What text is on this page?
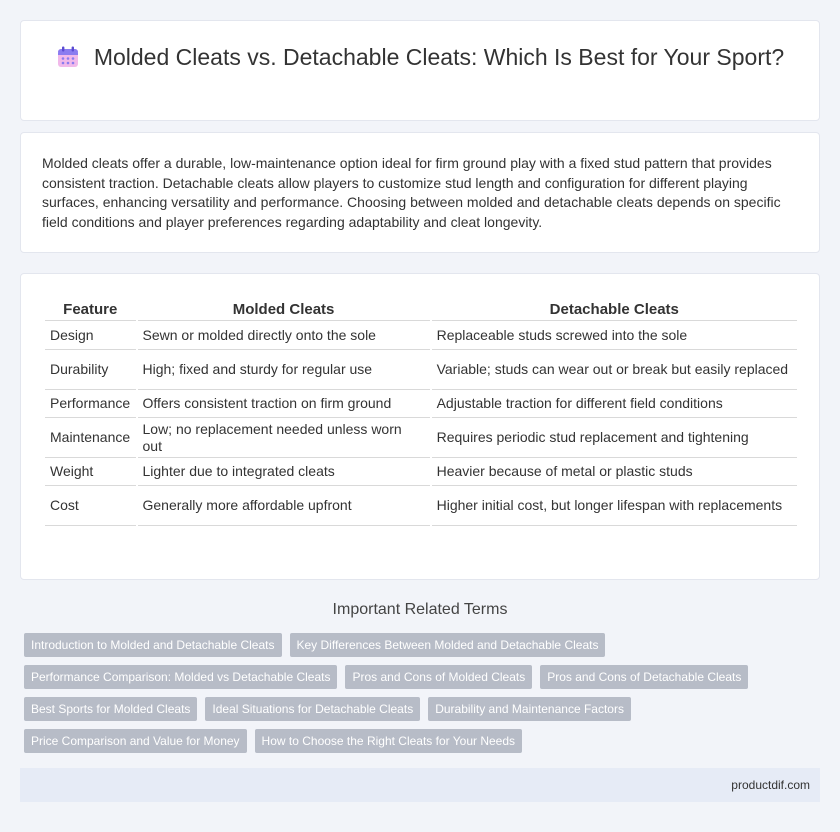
Molded Cleats vs. Detachable Cleats: Which Is Best for Your Sport?

Molded cleats offer a durable, low-maintenance option ideal for firm ground play with a fixed stud pattern that provides consistent traction. Detachable cleats allow players to customize stud length and configuration for different playing surfaces, enhancing versatility and performance. Choosing between molded and detachable cleats depends on specific field conditions and player preferences regarding adaptability and cleat longevity.

Feature	Molded Cleats	Detachable Cleats
Design	Sewn or molded directly onto the sole	Replaceable studs screwed into the sole
Durability	High; fixed and sturdy for regular use	Variable; studs can wear out or break but easily replaced
Performance	Offers consistent traction on firm ground	Adjustable traction for different field conditions
Maintenance	Low; no replacement needed unless worn out	Requires periodic stud replacement and tightening
Weight	Lighter due to integrated cleats	Heavier because of metal or plastic studs
Cost	Generally more affordable upfront	Higher initial cost, but longer lifespan with replacements
Important Related Terms
Introduction to Molded and Detachable Cleats	Key Differences Between Molded and Detachable Cleats
Performance Comparison: Molded vs Detachable Cleats	Pros and Cons of Molded Cleats	Pros and Cons of Detachable Cleats
Best Sports for Molded Cleats	Ideal Situations for Detachable Cleats	Durability and Maintenance Factors
Price Comparison and Value for Money	How to Choose the Right Cleats for Your Needs
productdif.com
